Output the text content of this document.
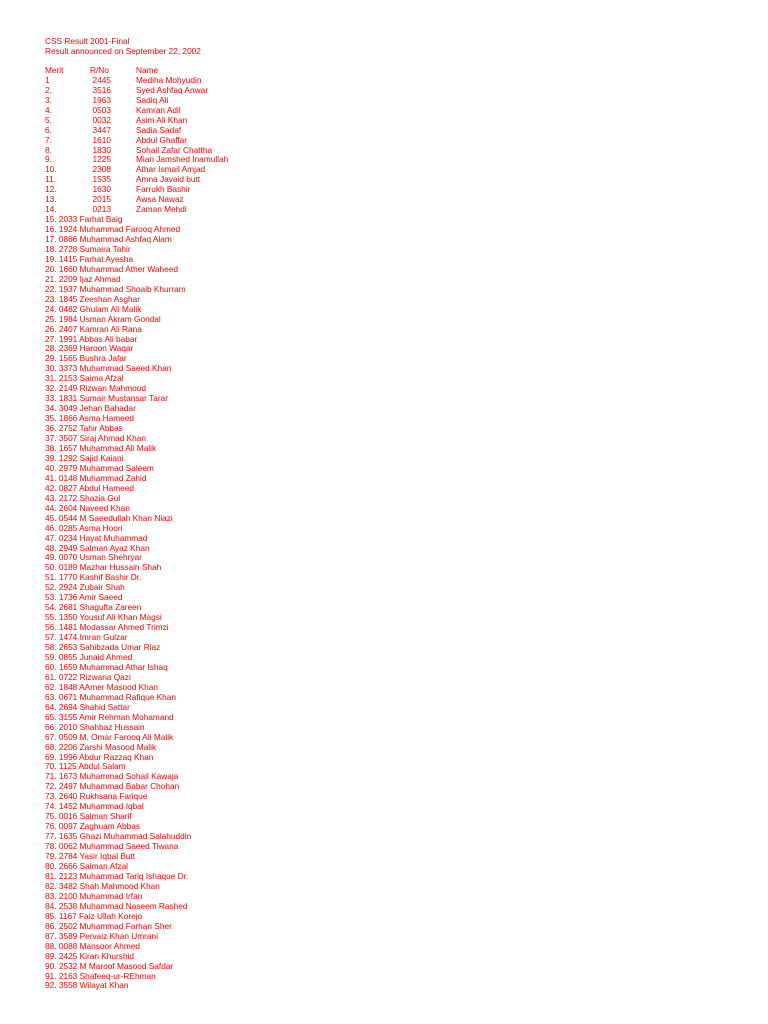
CSS Result 2001-Final
Result announced on September 22, 2002
Merit	R/No	Name
1	2445	Mediha Mohyudin
2.	3516	Syed Ashfaq Anwar
3.	1963	Sadiq Ali
4.	0503	Kamran Adil
5.	0032	Asim Ali Khan
6.	3447	Sadia Sadaf
7.	1610	Abdul Ghaffar
8.	1830	Sohail Zafar Chattha
9.	1225	Mian Jamshed Inamullah
10.	2308	Athar Ismail Amjad
11.	1535	Amna Javaid butt
12.	1630	Farrukh Bashir
13.	2015	Awsa Nawaz
14.	0213	Zaman Mehdi
15. 2033 Farhat Baig
16. 1924 Muhammad Farooq Ahmed
17. 0866 Muhammad Ashfaq Alam
18. 2728 Sumaira Tahir
19. 1415 Farhat Ayesha
20. 1660 Muhammad Ather Waheed
21. 2209 Ijaz Ahmad
22. 1937 Muhammad Shoaib Khurram
23. 1845 Zeeshan Asghar
24. 0482 Ghulam Ali Malik
25. 1984 Usman Akram Gondal
26. 2407 Kamran Ali Rana
27. 1991 Abbas Ali babar
28. 2369 Haroon Waqar
29. 1565 Bushra Jafar
30. 3373 Muhammad Saeed Khan
31. 2153 Saima Afzal
32. 2149 Rizwan Mahmood
33. 1831 Sumair Mustansar Tarar
34. 3049 Jehan Bahadar
35. 1866 Asma Hameed
36. 2752 Tahir Abbas
37. 3507 Siraj Ahmad Khan
38. 1657 Muhammad Ali Malik
39. 1292 Sajid Kaiani
40. 2979 Muhammad Saleem
41. 0148 Muhammad Zahid
42. 0827 Abdul Hameed
43. 2172 Shazia Gul
44. 2604 Naveed Khan
45. 0544 M Saeedullah Khan Niazi
46. 0285 Asma Hoori
47. 0234 Hayat Muhammad
48. 2949 Salman Ayaz Khan
49. 0070 Usman Shehryar
50. 0189 Mazhar Hussain Shah
51. 1770 Kashif Bashir Dr.
52. 2924 Zubair Shah
53. 1736 Amir Saeed
54. 2681 Shagufta Zareen
55. 1350 Yousuf Ali Khan Magsi
56. 1481 Modassar Ahmed Trimzi
57. 1474 Imran Gulzar
58. 2653 Sahibzada Umar Riaz
59. 0855 Junaid Ahmed
60. 1659 Muhammad Athar Ishaq
61. 0722 Rizwana Qazi
62. 1848 AAmer Masood Khan
63. 0671 Muhammad Rafique Khan
64. 2694 Shahid Sattar
65. 3155 Amir Rehman Mohamand
66. 2010 Shahbaz Hussain
67. 0509 M. Omar Farooq Ali Malik
68. 2206 Zarshi Masood Malik
69. 1996 Abdur Razzaq Khan
70. 1125 Abdul Salam
71. 1673 Muhammad Sohail Kawaja
72. 2497 Muhammad Babar Chohan
73. 2640 Rukhsana Farique
74. 1452 Muhammad Iqbal
75. 0016 Salman Sharif
76. 0097 Zaghuam Abbas
77. 1635 Ghazi Muhammad Salahuddin
78. 0062 Muhammad Saeed Tiwana
79. 2784 Yasir Iqbal Butt
80. 2666 Salman Afzal
81. 2123 Muhammad Tariq Ishaque Dr.
82. 3482 Shah Mahmood Khan
83. 2100 Muhammad Irfan
84. 2538 Muhammad Naseem Rashed
85. 1167 Faiz Ullah Korejo
86. 2502 Muhammad Farhan Sher
87. 3589 Pervaiz Khan Umrani
88. 0088 Mansoor Ahmed
89. 2425 Kiran Khurshid
90. 2532 M Maroof Masood Safdar
91. 2163 Shafeeq-ur-REhman
92. 3558 Wilayat Khan
